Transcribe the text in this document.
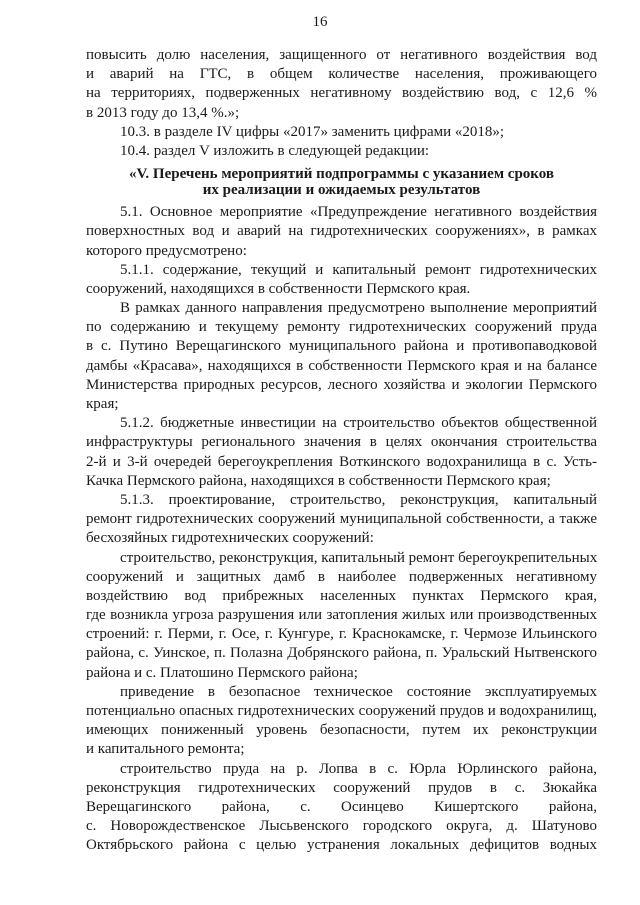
16
повысить долю населения, защищенного от негативного воздействия вод
и аварий на ГТС, в общем количестве населения, проживающего
на территориях, подверженных негативному воздействию вод, с 12,6 %
в 2013 году до 13,4 %.»;
10.3. в разделе IV цифры «2017» заменить цифрами «2018»;
10.4. раздел V изложить в следующей редакции:
«V. Перечень мероприятий подпрограммы с указанием сроков
их реализации и ожидаемых результатов
5.1. Основное мероприятие «Предупреждение негативного воздействия
поверхностных вод и аварий на гидротехнических сооружениях», в рамках
которого предусмотрено:
5.1.1. содержание, текущий и капитальный ремонт гидротехнических
сооружений, находящихся в собственности Пермского края.
В рамках данного направления предусмотрено выполнение мероприятий
по содержанию и текущему ремонту гидротехнических сооружений пруда
в с. Путино Верещагинского муниципального района и противопаводковой
дамбы «Красава», находящихся в собственности Пермского края и на балансе
Министерства природных ресурсов, лесного хозяйства и экологии Пермского
края;
5.1.2. бюджетные инвестиции на строительство объектов общественной
инфраструктуры регионального значения в целях окончания строительства
2-й и 3-й очередей берегоукрепления Воткинского водохранилища в с. Усть-
Качка Пермского района, находящихся в собственности Пермского края;
5.1.3. проектирование, строительство, реконструкция, капитальный
ремонт гидротехнических сооружений муниципальной собственности, а также
бесхозяйных гидротехнических сооружений:
строительство, реконструкция, капитальный ремонт берегоукрепительных
сооружений и защитных дамб в наиболее подверженных негативному
воздействию вод прибрежных населенных пунктах Пермского края,
где возникла угроза разрушения или затопления жилых или производственных
строений: г. Перми, г. Осе, г. Кунгуре, г. Краснокамске, г. Чермозе Ильинского
района, с. Уинское, п. Полазна Добрянского района, п. Уральский Нытвенского
района и с. Платошино Пермского района;
приведение в безопасное техническое состояние эксплуатируемых
потенциально опасных гидротехнических сооружений прудов и водохранилищ,
имеющих пониженный уровень безопасности, путем их реконструкции
и капитального ремонта;
строительство пруда на р. Лопва в с. Юрла Юрлинского района,
реконструкция гидротехнических сооружений прудов в с. Зюкайка
Верещагинского района, с. Осинцево Кишертского района,
с. Новорождественское Лысьвенского городского округа, д. Шатуново
Октябрьского района с целью устранения локальных дефицитов водных
